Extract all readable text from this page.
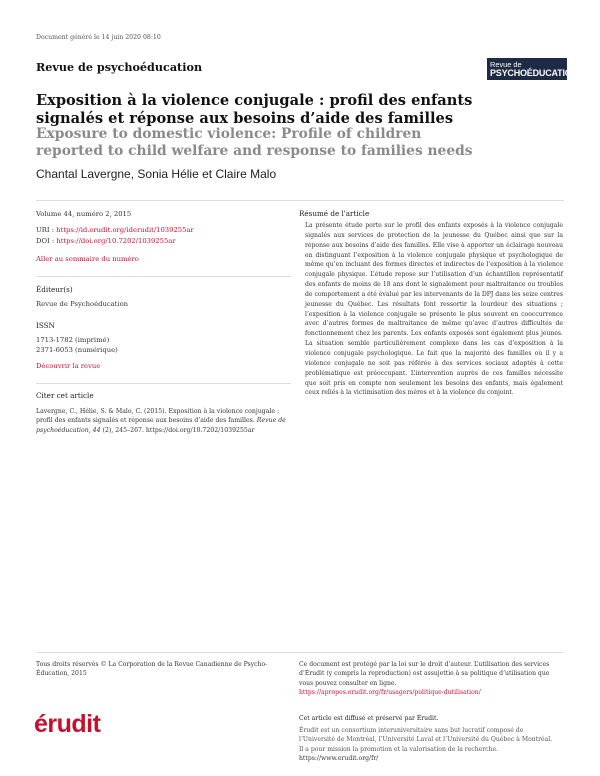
Document généré le 14 juin 2020 08:10
Revue de psychoéducation	Revue de
PSYCHOÉDUCATION
Exposition à la violence conjugale : profil des enfants signalés et réponse aux besoins d’aide des familles
Exposure to domestic violence: Profile of children reported to child welfare and response to families needs
Chantal Lavergne, Sonia Hélie et Claire Malo
Volume 44, numéro 2, 2015
URI : https://id.erudit.org/iderudit/1039255ar
DOI : https://doi.org/10.7202/1039255ar
Aller au sommaire du numéro
Éditeur(s)
Revue de Psychoéducation
ISSN
1713-1782 (imprimé)
2371-6053 (numérique)
Découvrir la revue
Citer cet article
Lavergne, C., Hélie, S. & Malo, C. (2015). Exposition à la violence conjugale : profil des enfants signalés et réponse aux besoins d’aide des familles. Revue de psychoéducation, 44 (2), 245–267. https://doi.org/10.7202/1039255ar
Résumé de l'article
La présente étude porte sur le profil des enfants exposés à la violence conjugale signalés aux services de protection de la jeunesse du Québec ainsi que sur la réponse aux besoins d’aide des familles. Elle vise à apporter un éclairage nouveau en distinguant l’exposition à la violence conjugale physique et psychologique de même qu’en incluant des formes directes et indirectes de l’exposition à la violence conjugale physique. L’étude repose sur l’utilisation d’un échantillon représentatif des enfants de moins de 18 ans dont le signalement pour maltraitance ou troubles de comportement a été évalué par les intervenants de la DPJ dans les seize centres jeunesse du Québec. Les résultats font ressortir la lourdeur des situations ; l’exposition à la violence conjugale se présente le plus souvent en cooccurrence avec d’autres formes de maltraitance de même qu’avec d’autres difficultés de fonctionnement chez les parents. Les enfants exposés sont également plus jeunes. La situation semble particulièrement complexe dans les cas d’exposition à la violence conjugale psychologique. Le fait que la majorité des familles où il y a violence conjugale ne soit pas référée à des services sociaux adaptés à cette problématique est préoccupant. L’intervention auprès de ces familles nécessite que soit pris en compte non seulement les besoins des enfants, mais également ceux reliés à la victimisation des mères et à la violence du conjoint.
Tous droits réservés © La Corporation de la Revue Canadienne de Psycho-Éducation, 2015
Ce document est protégé par la loi sur le droit d’auteur. L’utilisation des services d’Érudit (y compris la reproduction) est assujettie à sa politique d’utilisation que vous pouvez consulter en ligne.
https://apropos.erudit.org/fr/usagers/politique-dutilisation/
érudit	Cet article est diffusé et préservé par Érudit.
Érudit est un consortium interuniversitaire sans but lucratif composé de l’Université de Montréal, l’Université Laval et l’Université du Québec à Montréal. Il a pour mission la promotion et la valorisation de la recherche.
https://www.erudit.org/fr/
